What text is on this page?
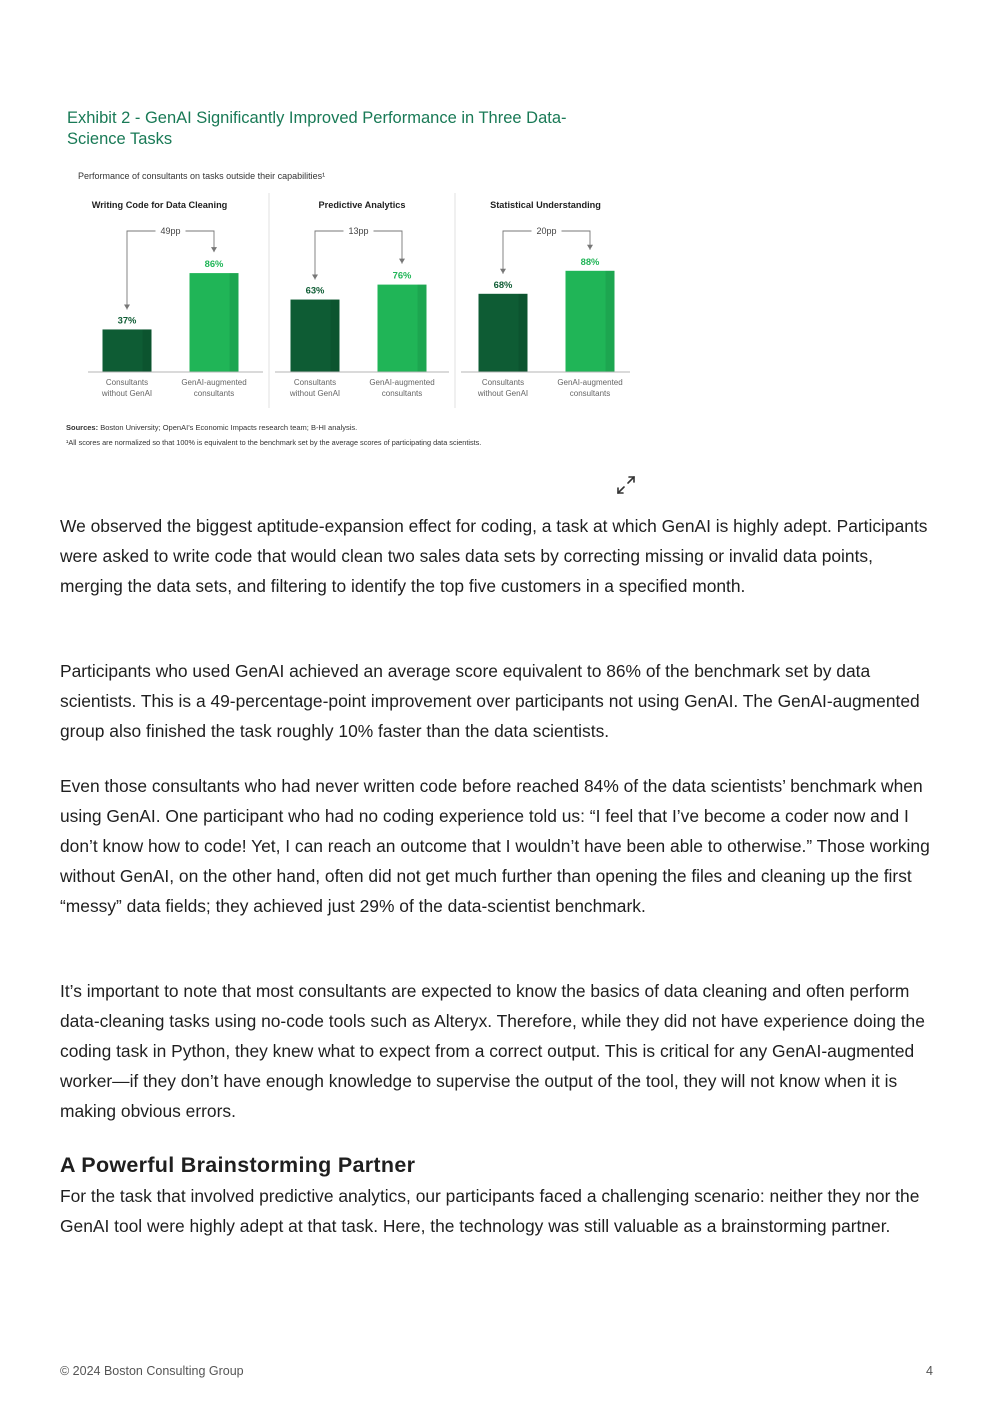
Exhibit 2 - GenAI Significantly Improved Performance in Three Data-Science Tasks

Performance of consultants on tasks outside their capabilities¹

Writing Code for Data Cleaning
37%
Consultants
without GenAI
86%
GenAI-augmented
consultants
49pp
Predictive Analytics
63%
Consultants
without GenAI
76%
GenAI-augmented
consultants
13pp
Statistical Understanding
68%
Consultants
without GenAI
88%
GenAI-augmented
consultants
20pp
Sources: Boston University; OpenAI’s Economic Impacts research team; B-HI analysis.
¹All scores are normalized so that 100% is equivalent to the benchmark set by the average scores of participating data scientists.

We observed the biggest aptitude-expansion effect for coding, a task at which GenAI is highly adept. Participants were asked to write code that would clean two sales data sets by correcting missing or invalid data points, merging the data sets, and filtering to identify the top five customers in a specified month.

Participants who used GenAI achieved an average score equivalent to 86% of the benchmark set by data scientists. This is a 49-percentage-point improvement over participants not using GenAI. The GenAI-augmented group also finished the task roughly 10% faster than the data scientists.

Even those consultants who had never written code before reached 84% of the data scientists’ benchmark when using GenAI. One participant who had no coding experience told us: “I feel that I’ve become a coder now and I don’t know how to code! Yet, I can reach an outcome that I wouldn’t have been able to otherwise.” Those working without GenAI, on the other hand, often did not get much further than opening the files and cleaning up the first “messy” data fields; they achieved just 29% of the data-scientist benchmark.

It’s important to note that most consultants are expected to know the basics of data cleaning and often perform data-cleaning tasks using no-code tools such as Alteryx. Therefore, while they did not have experience doing the coding task in Python, they knew what to expect from a correct output. This is critical for any GenAI-augmented worker—if they don’t have enough knowledge to supervise the output of the tool, they will not know when it is making obvious errors.

A Powerful Brainstorming Partner

For the task that involved predictive analytics, our participants faced a challenging scenario: neither they nor the GenAI tool were highly adept at that task. Here, the technology was still valuable as a brainstorming partner.

© 2024 Boston Consulting Group	4
